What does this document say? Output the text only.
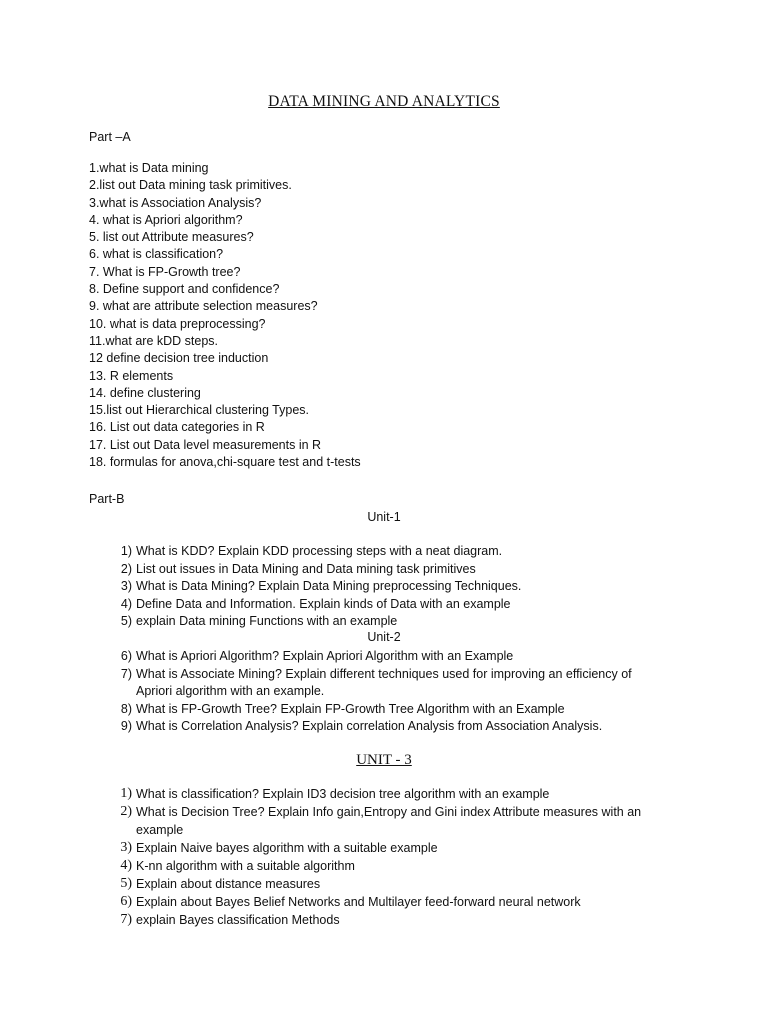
DATA MINING AND ANALYTICS
Part –A
1.what is Data mining
2.list out Data mining task primitives.
3.what is Association Analysis?
4. what is Apriori algorithm?
5. list out Attribute measures?
6. what is classification?
7. What is FP-Growth tree?
8. Define support and confidence?
9. what are attribute selection measures?
10. what is data preprocessing?
11.what are kDD steps.
12 define decision tree induction
13. R elements
14. define clustering
15.list out Hierarchical clustering Types.
16. List out data categories in R
17. List out Data level measurements in R
18. formulas for anova,chi-square test and t-tests
Part-B
Unit-1
1) What is KDD? Explain KDD processing steps with a neat diagram.
2) List out issues in Data Mining and Data mining task primitives
3) What is Data Mining? Explain Data Mining preprocessing Techniques.
4) Define Data and Information. Explain kinds of Data with an example
5) explain Data mining Functions with an example
Unit-2
6) What is Apriori Algorithm? Explain Apriori Algorithm with an Example
7) What is Associate Mining? Explain different techniques used for improving an efficiency of Apriori algorithm with an example.
8) What is FP-Growth Tree? Explain FP-Growth Tree Algorithm with an Example
9) What is Correlation Analysis? Explain correlation Analysis from Association Analysis.
UNIT - 3
1) What is classification? Explain ID3 decision tree algorithm with an example
2) What is Decision Tree? Explain Info gain,Entropy and Gini index Attribute measures with an example
3) Explain Naive bayes algorithm with a suitable example
4) K-nn algorithm with a suitable algorithm
5) Explain about distance measures
6) Explain about Bayes Belief Networks and Multilayer feed-forward neural network
7) explain Bayes classification Methods
